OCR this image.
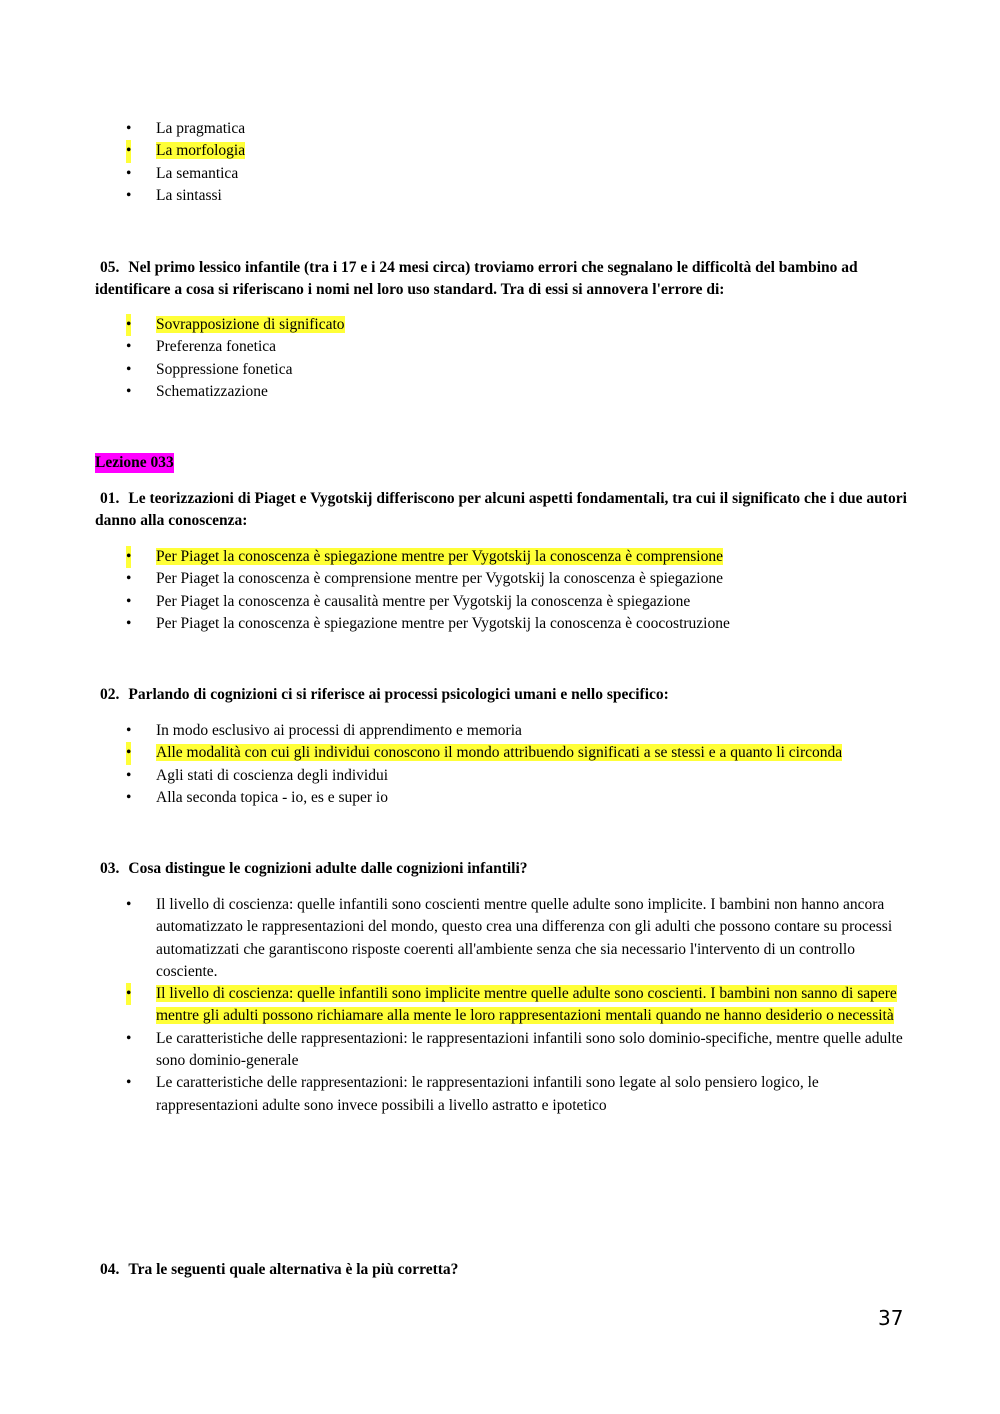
• La pragmatica
• La morfologia
• La semantica
• La sintassi
05. Nel primo lessico infantile (tra i 17 e i 24 mesi circa) troviamo errori che segnalano le difficoltà del bambino ad identificare a cosa si riferiscano i nomi nel loro uso standard. Tra di essi si annovera l'errore di:
• Sovrapposizione di significato
• Preferenza fonetica
• Soppressione fonetica
• Schematizzazione
Lezione 033
01. Le teorizzazioni di Piaget e Vygotskij differiscono per alcuni aspetti fondamentali, tra cui il significato che i due autori danno alla conoscenza:
• Per Piaget la conoscenza è spiegazione mentre per Vygotskij la conoscenza è comprensione
• Per Piaget la conoscenza è comprensione mentre per Vygotskij la conoscenza è spiegazione
• Per Piaget la conoscenza è causalità mentre per Vygotskij la conoscenza è spiegazione
• Per Piaget la conoscenza è spiegazione mentre per Vygotskij la conoscenza è coocostruzione
02. Parlando di cognizioni ci si riferisce ai processi psicologici umani e nello specifico:
• In modo esclusivo ai processi di apprendimento e memoria
• Alle modalità con cui gli individui conoscono il mondo attribuendo significati a se stessi e a quanto li circonda
• Agli stati di coscienza degli individui
• Alla seconda topica - io, es e super io
03. Cosa distingue le cognizioni adulte dalle cognizioni infantili?
• Il livello di coscienza: quelle infantili sono coscienti mentre quelle adulte sono implicite. I bambini non hanno ancora automatizzato le rappresentazioni del mondo, questo crea una differenza con gli adulti che possono contare su processi automatizzati che garantiscono risposte coerenti all'ambiente senza che sia necessario l'intervento di un controllo cosciente.
• Il livello di coscienza: quelle infantili sono implicite mentre quelle adulte sono coscienti. I bambini non sanno di sapere mentre gli adulti possono richiamare alla mente le loro rappresentazioni mentali quando ne hanno desiderio o necessità
• Le caratteristiche delle rappresentazioni: le rappresentazioni infantili sono solo dominio-specifiche, mentre quelle adulte sono dominio-generale
• Le caratteristiche delle rappresentazioni: le rappresentazioni infantili sono legate al solo pensiero logico, le rappresentazioni adulte sono invece possibili a livello astratto e ipotetico
04. Tra le seguenti quale alternativa è la più corretta?
37
